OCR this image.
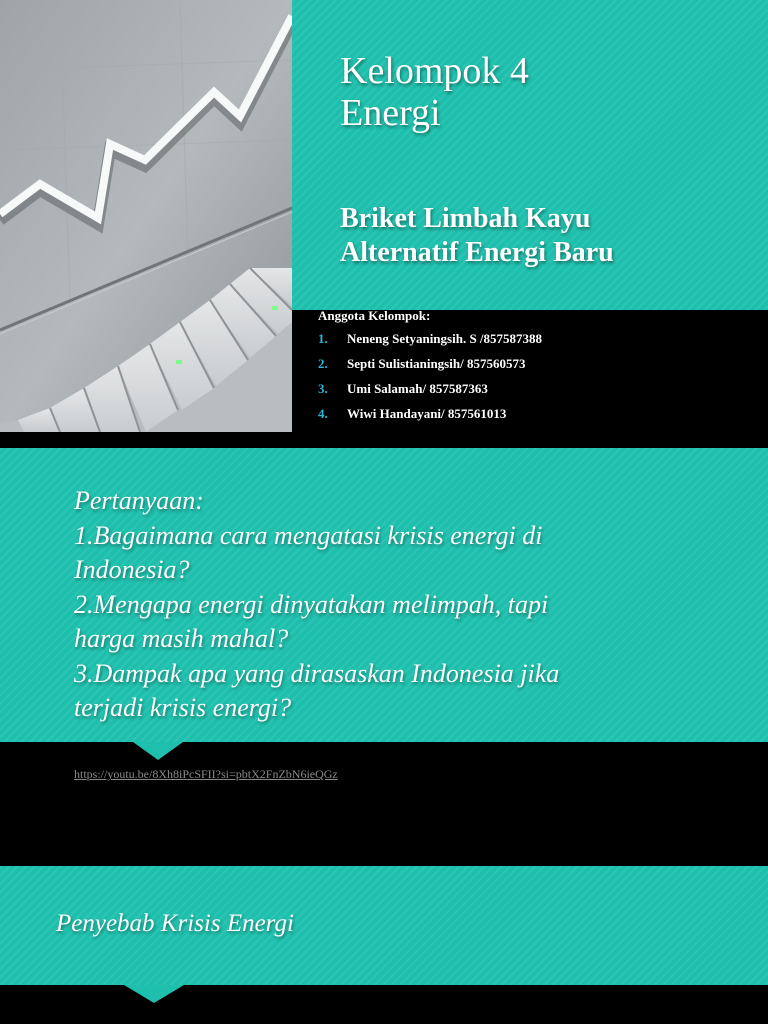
Kelompok 4
Energi
Briket Limbah Kayu
Alternatif Energi Baru
Anggota Kelompok:
1. Neneng Setyaningsih. S /857587388
2. Septi Sulistianingsih/ 857560573
3. Umi Salamah/ 857587363
4. Wiwi Handayani/ 857561013
Pertanyaan:
1.Bagaimana cara mengatasi krisis energi di
Indonesia?
2.Mengapa energi dinyatakan melimpah, tapi
harga masih mahal?
3.Dampak apa yang dirasaskan Indonesia jika
terjadi krisis energi?
https://youtu.be/8Xh8iPcSFII?si=pbtX2FnZbN6ieQGz
Penyebab Krisis Energi
